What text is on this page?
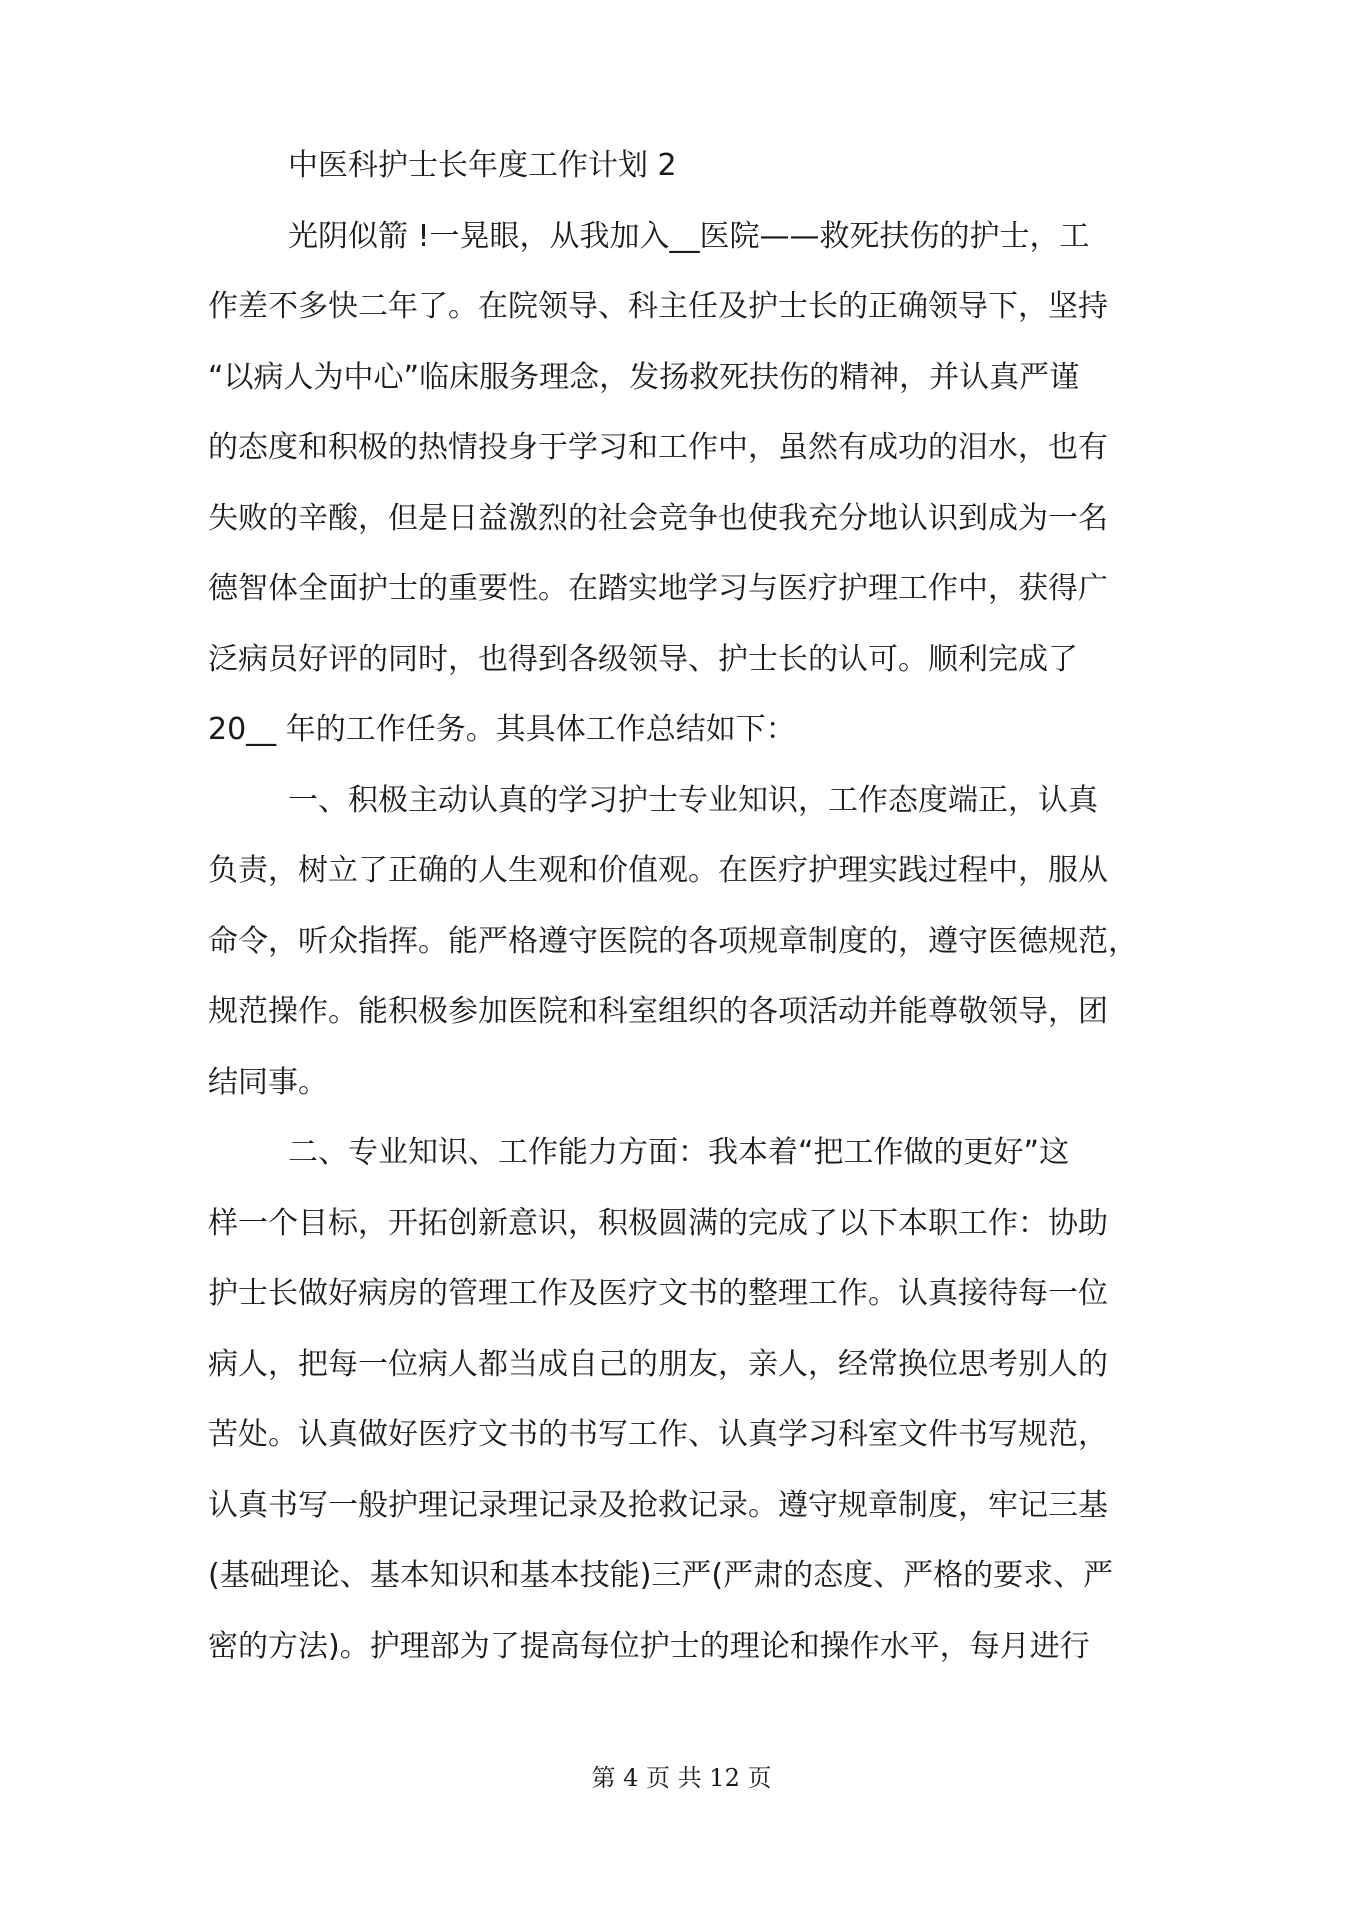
中医科护士长年度工作计划 2

光阴似箭 !一晃眼，从我加入__医院——救死扶伤的护士，工
作差不多快二年了。在院领导、科主任及护士长的正确领导下，坚持
“以病人为中心”临床服务理念，发扬救死扶伤的精神，并认真严谨
的态度和积极的热情投身于学习和工作中，虽然有成功的泪水，也有
失败的辛酸，但是日益激烈的社会竞争也使我充分地认识到成为一名
德智体全面护士的重要性。在踏实地学习与医疗护理工作中，获得广
泛病员好评的同时，也得到各级领导、护士长的认可。顺利完成了
20__ 年的工作任务。其具体工作总结如下：

一、积极主动认真的学习护士专业知识，工作态度端正，认真
负责，树立了正确的人生观和价值观。在医疗护理实践过程中，服从
命令，听众指挥。能严格遵守医院的各项规章制度的，遵守医德规范，
规范操作。能积极参加医院和科室组织的各项活动并能尊敬领导，团
结同事。

二、专业知识、工作能力方面：我本着“把工作做的更好”这
样一个目标，开拓创新意识，积极圆满的完成了以下本职工作：协助
护士长做好病房的管理工作及医疗文书的整理工作。认真接待每一位
病人，把每一位病人都当成自己的朋友，亲人，经常换位思考别人的
苦处。认真做好医疗文书的书写工作、认真学习科室文件书写规范，
认真书写一般护理记录理记录及抢救记录。遵守规章制度，牢记三基
(基础理论、基本知识和基本技能)三严(严肃的态度、严格的要求、严
密的方法)。护理部为了提高每位护士的理论和操作水平，每月进行

第 4 页 共 12 页
